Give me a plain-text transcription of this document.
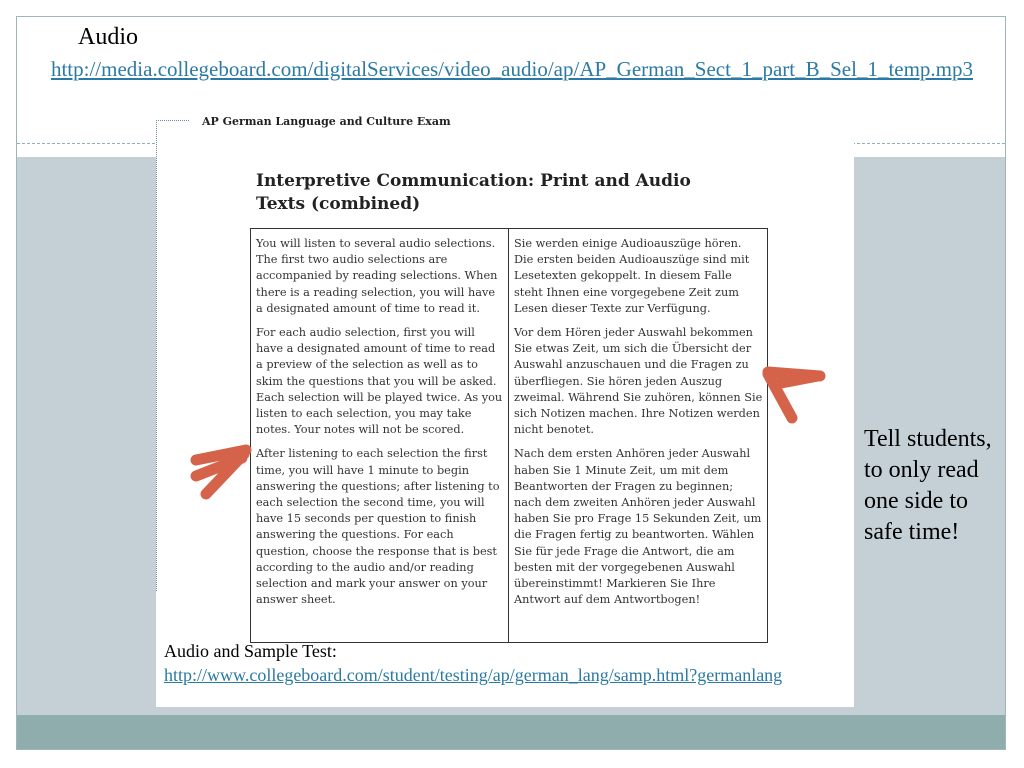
Audio
http://media.collegeboard.com/digitalServices/video_audio/ap/AP_German_Sect_1_part_B_Sel_1_temp.mp3
AP German Language and Culture Exam
Interpretive Communication: Print and Audio Texts (combined)

You will listen to several audio selections. The first two audio selections are accompanied by reading selections. When there is a reading selection, you will have a designated amount of time to read it.

For each audio selection, first you will have a designated amount of time to read a preview of the selection as well as to skim the questions that you will be asked. Each selection will be played twice. As you listen to each selection, you may take notes. Your notes will not be scored.

After listening to each selection the first time, you will have 1 minute to begin answering the questions; after listening to each selection the second time, you will have 15 seconds per question to finish answering the questions. For each question, choose the response that is best according to the audio and/or reading selection and mark your answer on your answer sheet.

Sie werden einige Audioauszüge hören. Die ersten beiden Audioauszüge sind mit Lesetexten gekoppelt. In diesem Falle steht Ihnen eine vorgegebene Zeit zum Lesen dieser Texte zur Verfügung.

Vor dem Hören jeder Auswahl bekommen Sie etwas Zeit, um sich die Übersicht der Auswahl anzuschauen und die Fragen zu überfliegen. Sie hören jeden Auszug zweimal. Während Sie zuhören, können Sie sich Notizen machen. Ihre Notizen werden nicht benotet.

Nach dem ersten Anhören jeder Auswahl haben Sie 1 Minute Zeit, um mit dem Beantworten der Fragen zu beginnen; nach dem zweiten Anhören jeder Auswahl haben Sie pro Frage 15 Sekunden Zeit, um die Fragen fertig zu beantworten. Wählen Sie für jede Frage die Antwort, die am besten mit der vorgegebenen Auswahl übereinstimmt! Markieren Sie Ihre Antwort auf dem Antwortbogen!

Tell students, to only read one side to safe time!
Audio and Sample Test:
http://www.collegeboard.com/student/testing/ap/german_lang/samp.html?germanlang
